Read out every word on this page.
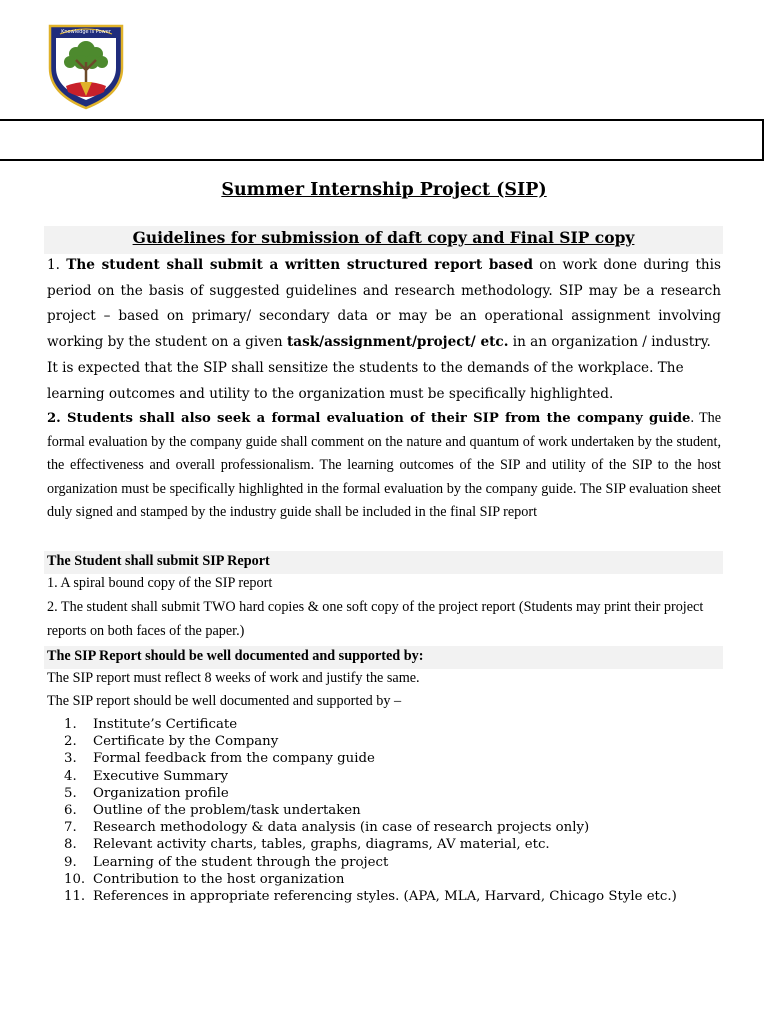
Knowledge is Power
Summer Internship Project (SIP)
Guidelines for submission of daft copy and Final SIP copy
1. The student shall submit a written structured report based on work done during this period on the basis of suggested guidelines and research methodology. SIP may be a research project – based on primary/ secondary data or may be an operational assignment involving working by the student on a given task/assignment/project/ etc. in an organization / industry.
It is expected that the SIP shall sensitize the students to the demands of the workplace. The learning outcomes and utility to the organization must be specifically highlighted.
2. Students shall also seek a formal evaluation of their SIP from the company guide. The formal evaluation by the company guide shall comment on the nature and quantum of work undertaken by the student, the effectiveness and overall professionalism. The learning outcomes of the SIP and utility of the SIP to the host organization must be specifically highlighted in the formal evaluation by the company guide. The SIP evaluation sheet duly signed and stamped by the industry guide shall be included in the final SIP report
The Student shall submit SIP Report
1. A spiral bound copy of the SIP report
2. The student shall submit TWO hard copies & one soft copy of the project report (Students may print their project reports on both faces of the paper.)
The SIP Report should be well documented and supported by:
The SIP report must reflect 8 weeks of work and justify the same.
The SIP report should be well documented and supported by –
1. Institute’s Certificate
2. Certificate by the Company
3. Formal feedback from the company guide
4. Executive Summary
5. Organization profile
6. Outline of the problem/task undertaken
7. Research methodology & data analysis (in case of research projects only)
8. Relevant activity charts, tables, graphs, diagrams, AV material, etc.
9. Learning of the student through the project
10. Contribution to the host organization
11. References in appropriate referencing styles. (APA, MLA, Harvard, Chicago Style etc.)
